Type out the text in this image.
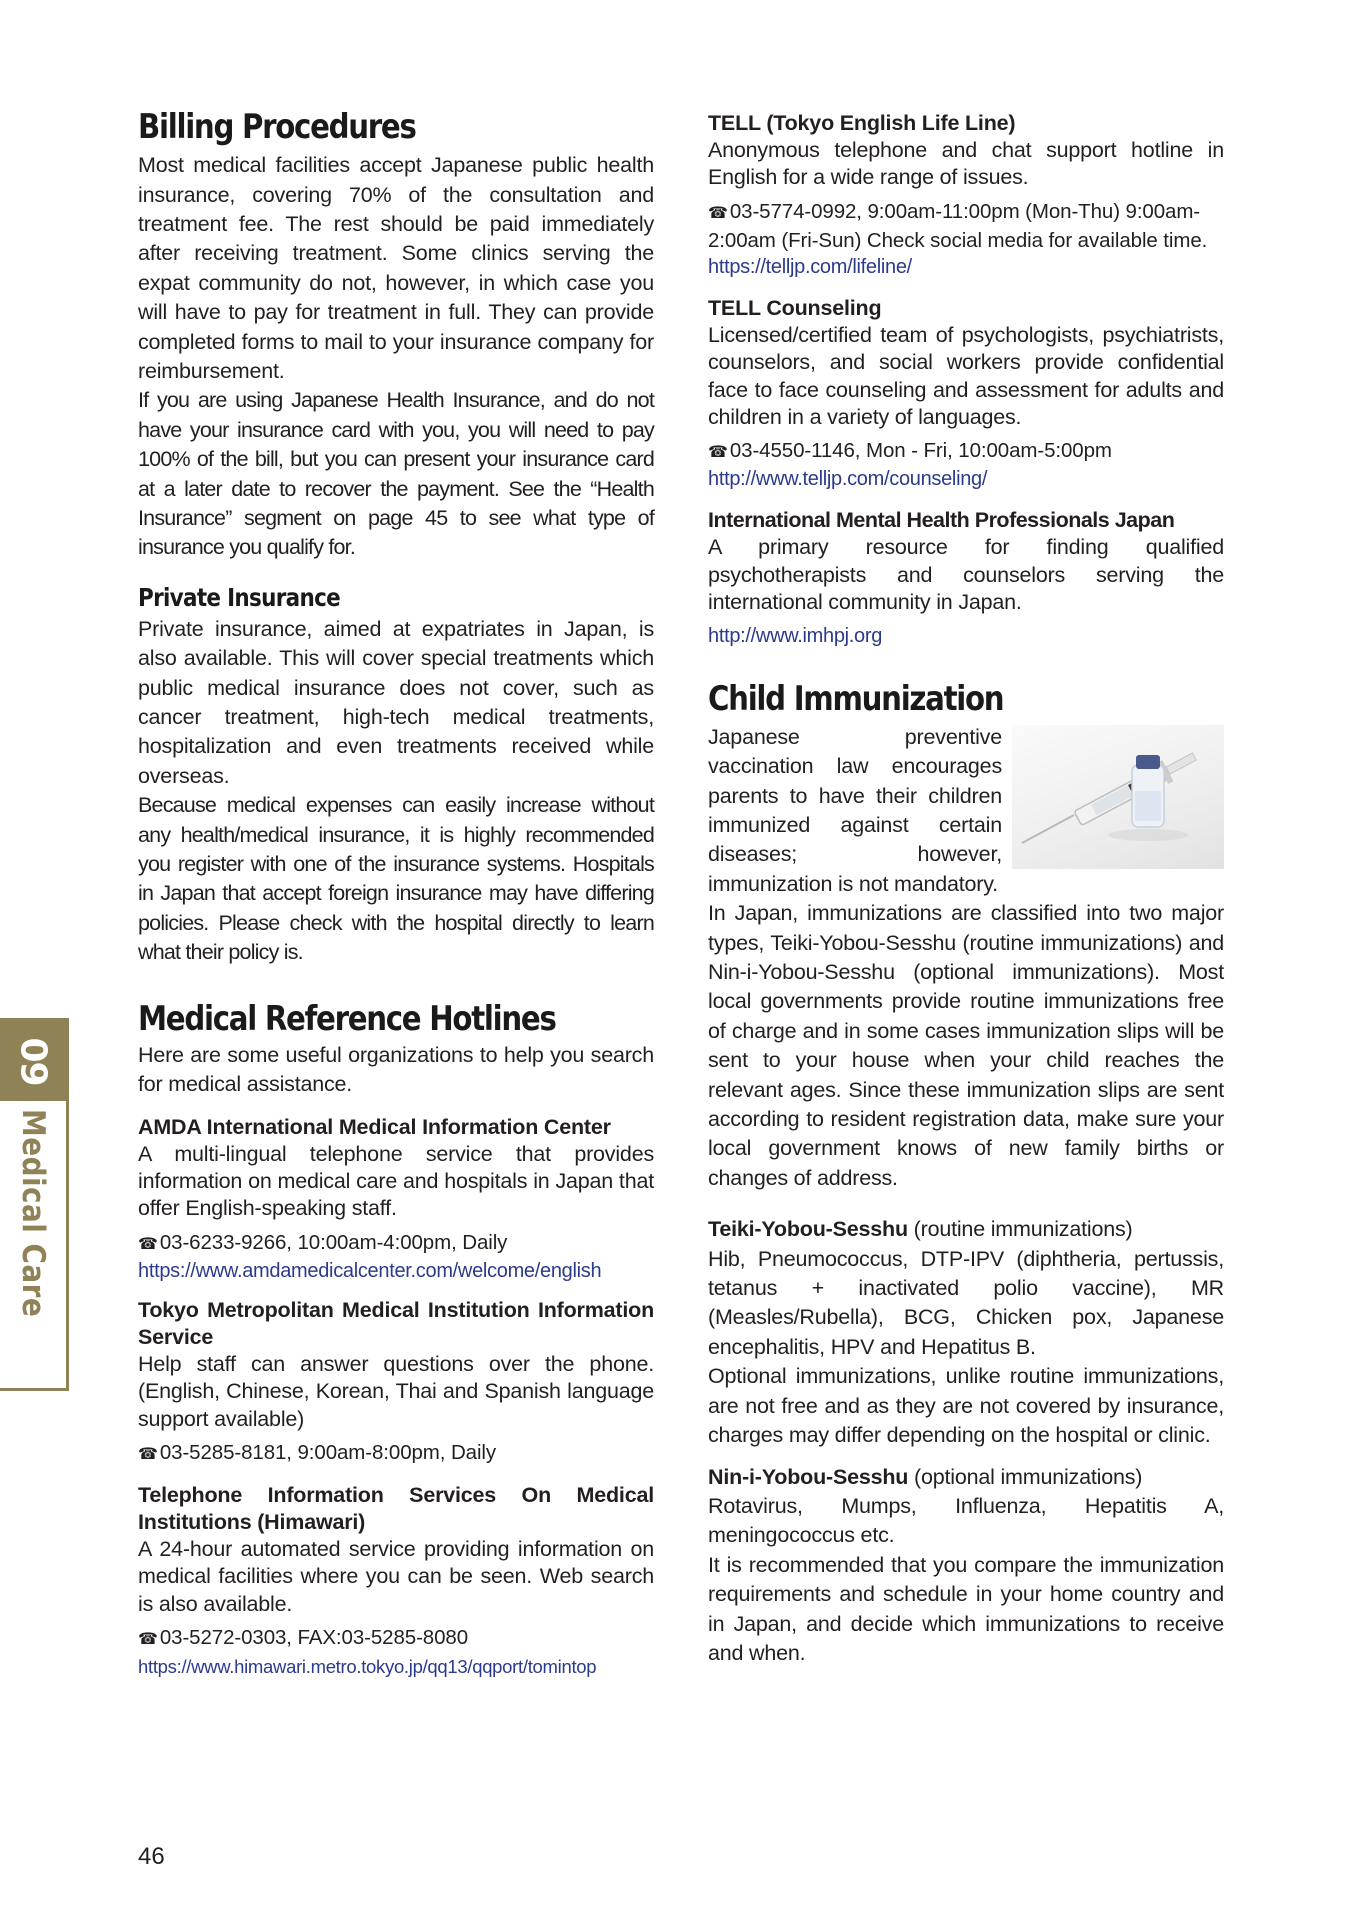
09
Medical Care
Billing Procedures

Most medical facilities accept Japanese public health insurance, covering 70% of the consultation and treatment fee. The rest should be paid immediately after receiving treatment. Some clinics serving the expat community do not, however, in which case you will have to pay for treatment in full. They can provide completed forms to mail to your insurance company for reimbursement.

If you are using Japanese Health Insurance, and do not have your insurance card with you, you will need to pay 100% of the bill, but you can present your insurance card at a later date to recover the payment. See the “Health Insurance” segment on page 45 to see what type of insurance you qualify for.

Private Insurance

Private insurance, aimed at expatriates in Japan, is also available. This will cover special treatments which public medical insurance does not cover, such as cancer treatment, high-tech medical treatments, hospitalization and even treatments received while overseas.

Because medical expenses can easily increase without any health/medical insurance, it is highly recommended you register with one of the insurance systems. Hospitals in Japan that accept foreign insurance may have differing policies. Please check with the hospital directly to learn what their policy is.

Medical Reference Hotlines

Here are some useful organizations to help you search for medical assistance.

AMDA International Medical Information Center
A multi-lingual telephone service that provides information on medical care and hospitals in Japan that offer English-speaking staff.
☎03-6233-9266, 10:00am-4:00pm, Daily
https://www.amdamedicalcenter.com/welcome/english
Tokyo Metropolitan Medical Institution Information Service
Help staff can answer questions over the phone. (English, Chinese, Korean, Thai and Spanish language support available)
☎03-5285-8181, 9:00am-8:00pm, Daily
Telephone Information Services On Medical Institutions (Himawari)
A 24-hour automated service providing information on medical facilities where you can be seen. Web search is also available.
☎03-5272-0303, FAX:03-5285-8080
https://www.himawari.metro.tokyo.jp/qq13/qqport/tomintop
TELL (Tokyo English Life Line)
Anonymous telephone and chat support hotline in English for a wide range of issues.
☎03-5774-0992, 9:00am-11:00pm (Mon-Thu) 9:00am-2:00am (Fri-Sun) Check social media for available time.
https://telljp.com/lifeline/
TELL Counseling
Licensed/certified team of psychologists, psychiatrists, counselors, and social workers provide confidential face to face counseling and assessment for adults and children in a variety of languages.
☎03-4550-1146, Mon - Fri, 10:00am-5:00pm
http://www.telljp.com/counseling/
International Mental Health Professionals Japan
A primary resource for finding qualified psychotherapists and counselors serving the international community in Japan.
http://www.imhpj.org
Child Immunization

Japanese preventive vaccination law encourages parents to have their children immunized against certain diseases; however, immunization is not mandatory.

In Japan, immunizations are classified into two major types, Teiki-Yobou-Sesshu (routine immunizations) and Nin-i-Yobou-Sesshu (optional immunizations). Most local governments provide routine immunizations free of charge and in some cases immunization slips will be sent to your house when your child reaches the relevant ages. Since these immunization slips are sent according to resident registration data, make sure your local government knows of new family births or changes of address.

Teiki-Yobou-Sesshu (routine immunizations)

Hib, Pneumococcus, DTP-IPV (diphtheria, pertussis, tetanus + inactivated polio vaccine), MR (Measles/Rubella), BCG, Chicken pox, Japanese encephalitis, HPV and Hepatitus B.

Optional immunizations, unlike routine immunizations, are not free and as they are not covered by insurance, charges may differ depending on the hospital or clinic.

Nin-i-Yobou-Sesshu (optional immunizations)

Rotavirus, Mumps, Influenza, Hepatitis A, meningococcus etc.

It is recommended that you compare the immunization requirements and schedule in your home country and in Japan, and decide which immunizations to receive and when.

46
